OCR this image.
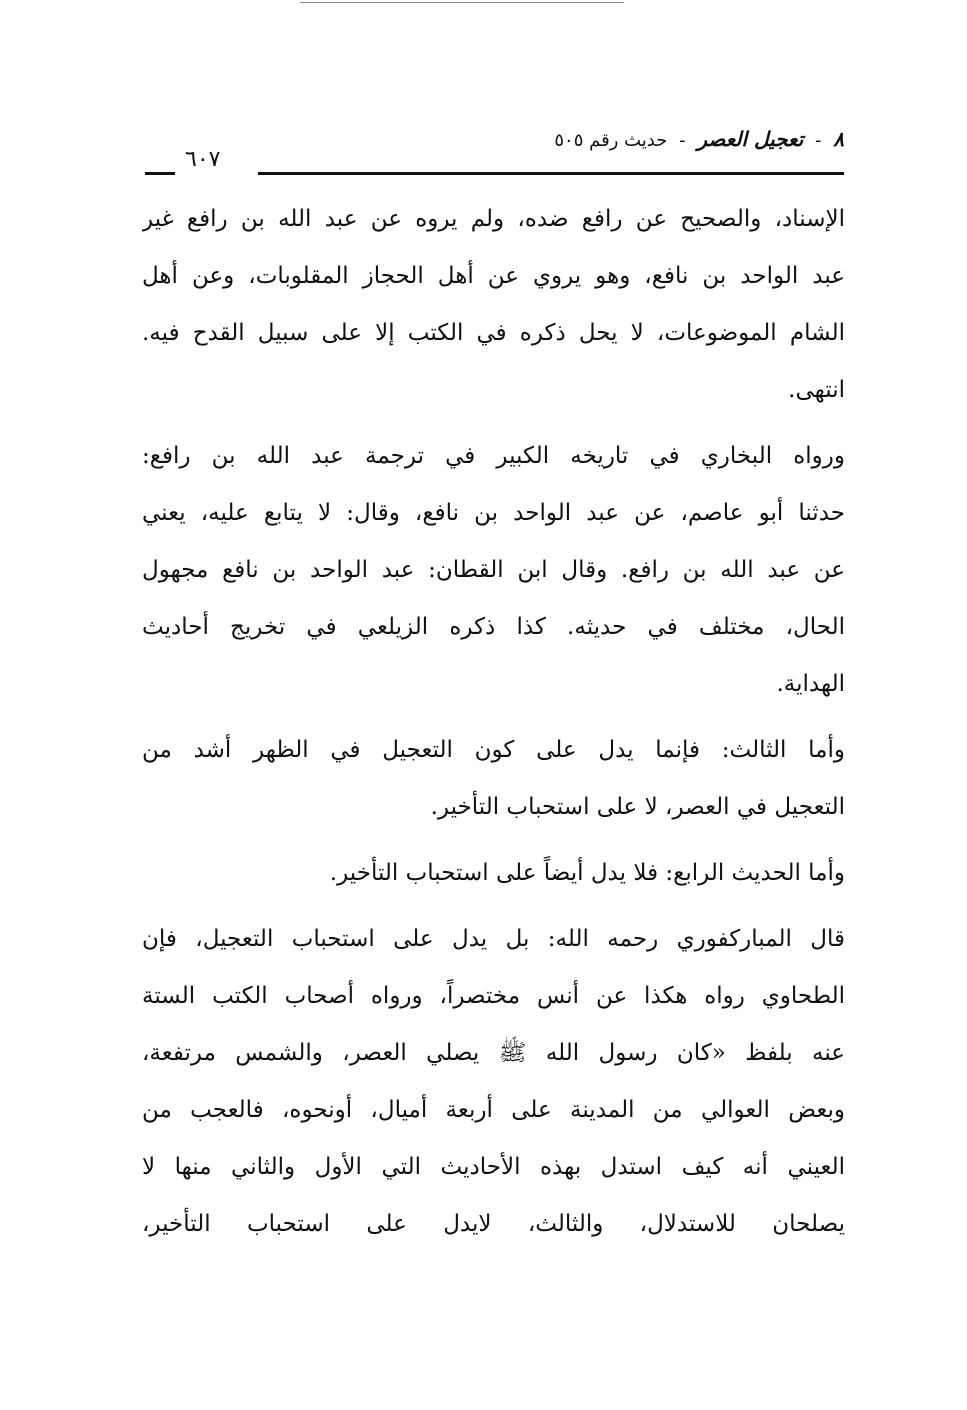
٨ - تعجيل العصر - حديث رقم ٥٠٥
٦٠٧
الإسناد، والصحيح عن رافع ضده، ولم يروه عن عبد الله بن رافع غير
عبد الواحد بن نافع، وهو يروي عن أهل الحجاز المقلوبات، وعن أهل
الشام الموضوعات، لا يحل ذكره في الكتب إلا على سبيل القدح فيه.
انتهى.
ورواه البخاري في تاريخه الكبير في ترجمة عبد الله بن رافع:
حدثنا أبو عاصم، عن عبد الواحد بن نافع، وقال: لا يتابع عليه، يعني
عن عبد الله بن رافع. وقال ابن القطان: عبد الواحد بن نافع مجهول
الحال، مختلف في حديثه. كذا ذكره الزيلعي في تخريج أحاديث
الهداية.
وأما الثالث: فإنما يدل على كون التعجيل في الظهر أشد من
التعجيل في العصر، لا على استحباب التأخير.
وأما الحديث الرابع: فلا يدل أيضاً على استحباب التأخير.
قال المباركفوري رحمه الله: بل يدل على استحباب التعجيل، فإن
الطحاوي رواه هكذا عن أنس مختصراً، ورواه أصحاب الكتب الستة
عنه بلفظ «كان رسول الله ﷺ يصلي العصر، والشمس مرتفعة،
وبعض العوالي من المدينة على أربعة أميال، أونحوه، فالعجب من
العيني أنه كيف استدل بهذه الأحاديث التي الأول والثاني منها لا
يصلحان للاستدلال، والثالث، لايدل على استحباب التأخير،
